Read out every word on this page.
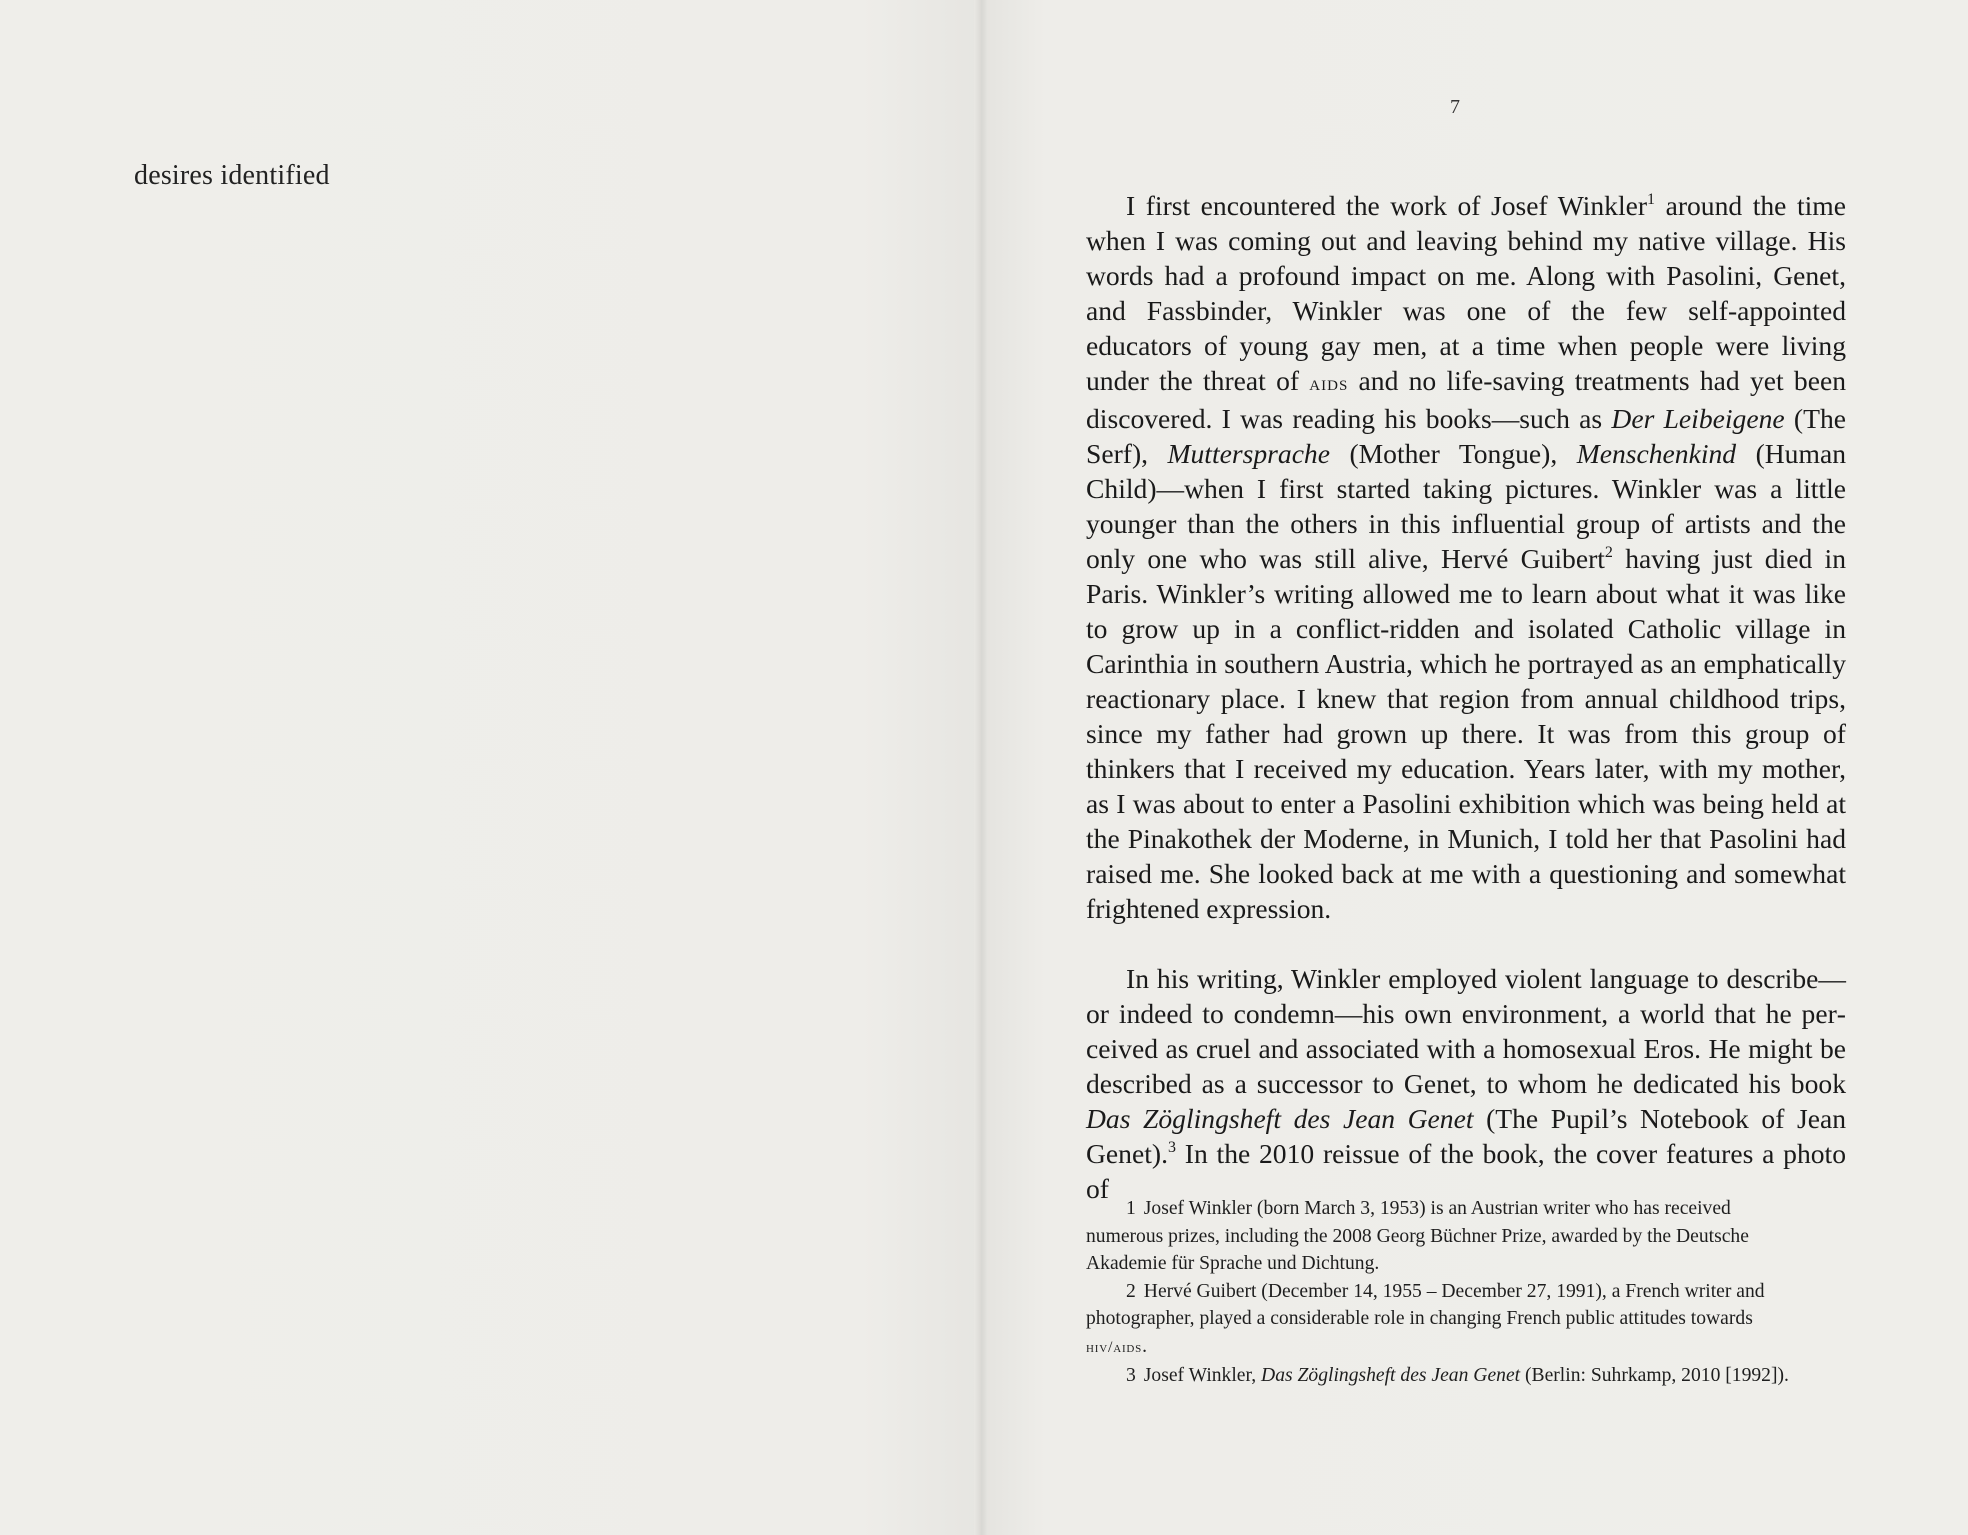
desires identified
7

I first encountered the work of Josef Winkler$^1$ around the time when I was coming out and leaving behind my native village. His words had a profound impact on me. Along with Pasolini, Genet, and Fassbinder, Winkler was one of the few self-appointed educators of young gay men, at a time when people were living under the threat of aids and no life-saving treatments had yet been discovered. I was reading his books—such as Der Leibeigene (The Serf), Muttersprache (Mother Tongue), Menschenkind (Human Child)—when I first started taking pictures. Winkler was a little younger than the others in this influential group of artists and the only one who was still alive, Hervé Guibert$^2$ having just died in Paris. Winkler’s writing allowed me to learn about what it was like to grow up in a conflict-ridden and isolated Catholic village in Carinthia in southern Austria, which he portrayed as an emphatically reactionary place. I knew that region from annual childhood trips, since my father had grown up there. It was from this group of thinkers that I received my education. Years later, with my mother, as I was about to enter a Pasolini exhibition which was being held at the Pinakothek der Moderne, in Munich, I told her that Pasolini had raised me. She looked back at me with a questioning and somewhat frightened expression.

In his writing, Winkler employed violent language to describe— or indeed to condemn—his own environment, a world that he perceived as cruel and associated with a homosexual Eros. He might be described as a successor to Genet, to whom he dedicated his book Das Zöglingsheft des Jean Genet (The Pupil’s Notebook of Jean Genet).$^3$ In the 2010 reissue of the book, the cover features a photo of

1 Josef Winkler (born March 3, 1953) is an Austrian writer who has received numerous prizes, including the 2008 Georg Büchner Prize, awarded by the Deutsche Akademie für Sprache und Dichtung.

2 Hervé Guibert (December 14, 1955 – December 27, 1991), a French writer and photographer, played a considerable role in changing French public attitudes towards hiv/aids.

3 Josef Winkler, Das Zöglingsheft des Jean Genet (Berlin: Suhrkamp, 2010 [1992]).
